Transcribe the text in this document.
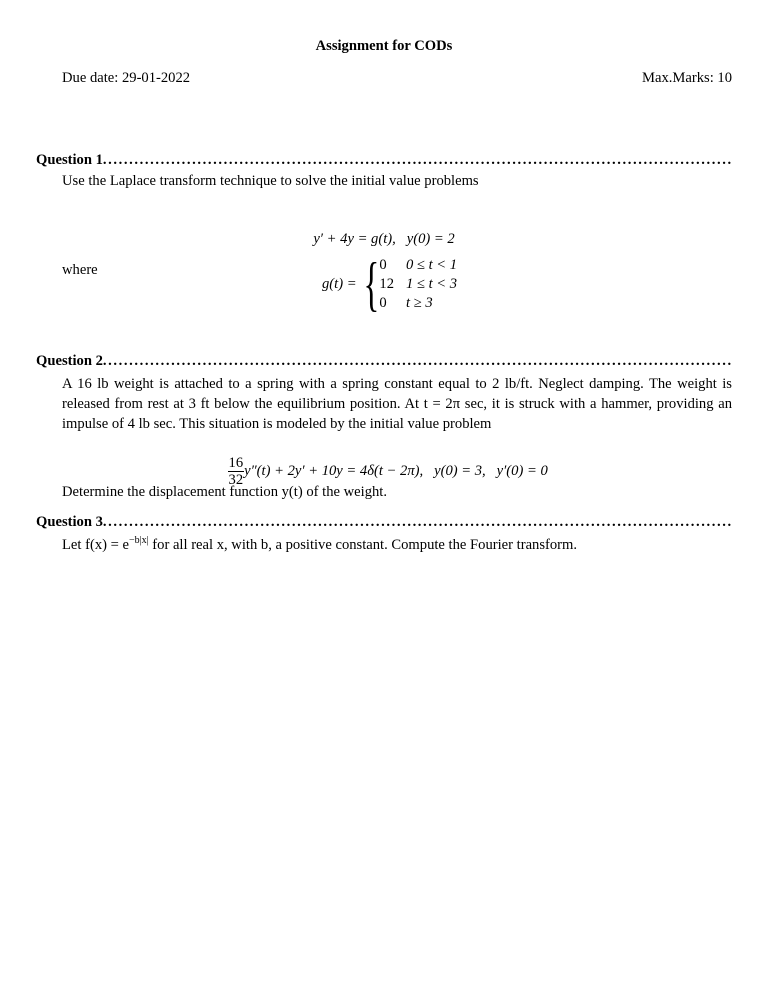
Assignment for CODs
Due date: 29-01-2022	Max.Marks: 10
Question 1
.....
Use the Laplace transform technique to solve the initial value problems
y′ + 4y = g(t),   y(0) = 2
where
g(t) = { 0	0 ≤ t < 1
12 1 ≤ t < 3
0	t ≥ 3
Question 2
.....
A 16 lb weight is attached to a spring with a spring constant equal to 2 lb/ft. Neglect damping. The weight is released from rest at 3 ft below the equilibrium position. At t = 2π sec, it is struck with a hammer, providing an impulse of 4 lb sec. This situation is modeled by the initial value problem

$\frac{16}{32} y''(t) + 2y' + 10y = 4\delta(t - 2\pi)$,   y(0) = 3,   y′(0) = 0

Determine the displacement function y(t) of the weight.
Question 3
.....
Let $f(x) = e^{-b|x|}$ for all real x, with b, a positive constant. Compute the Fourier transform.
